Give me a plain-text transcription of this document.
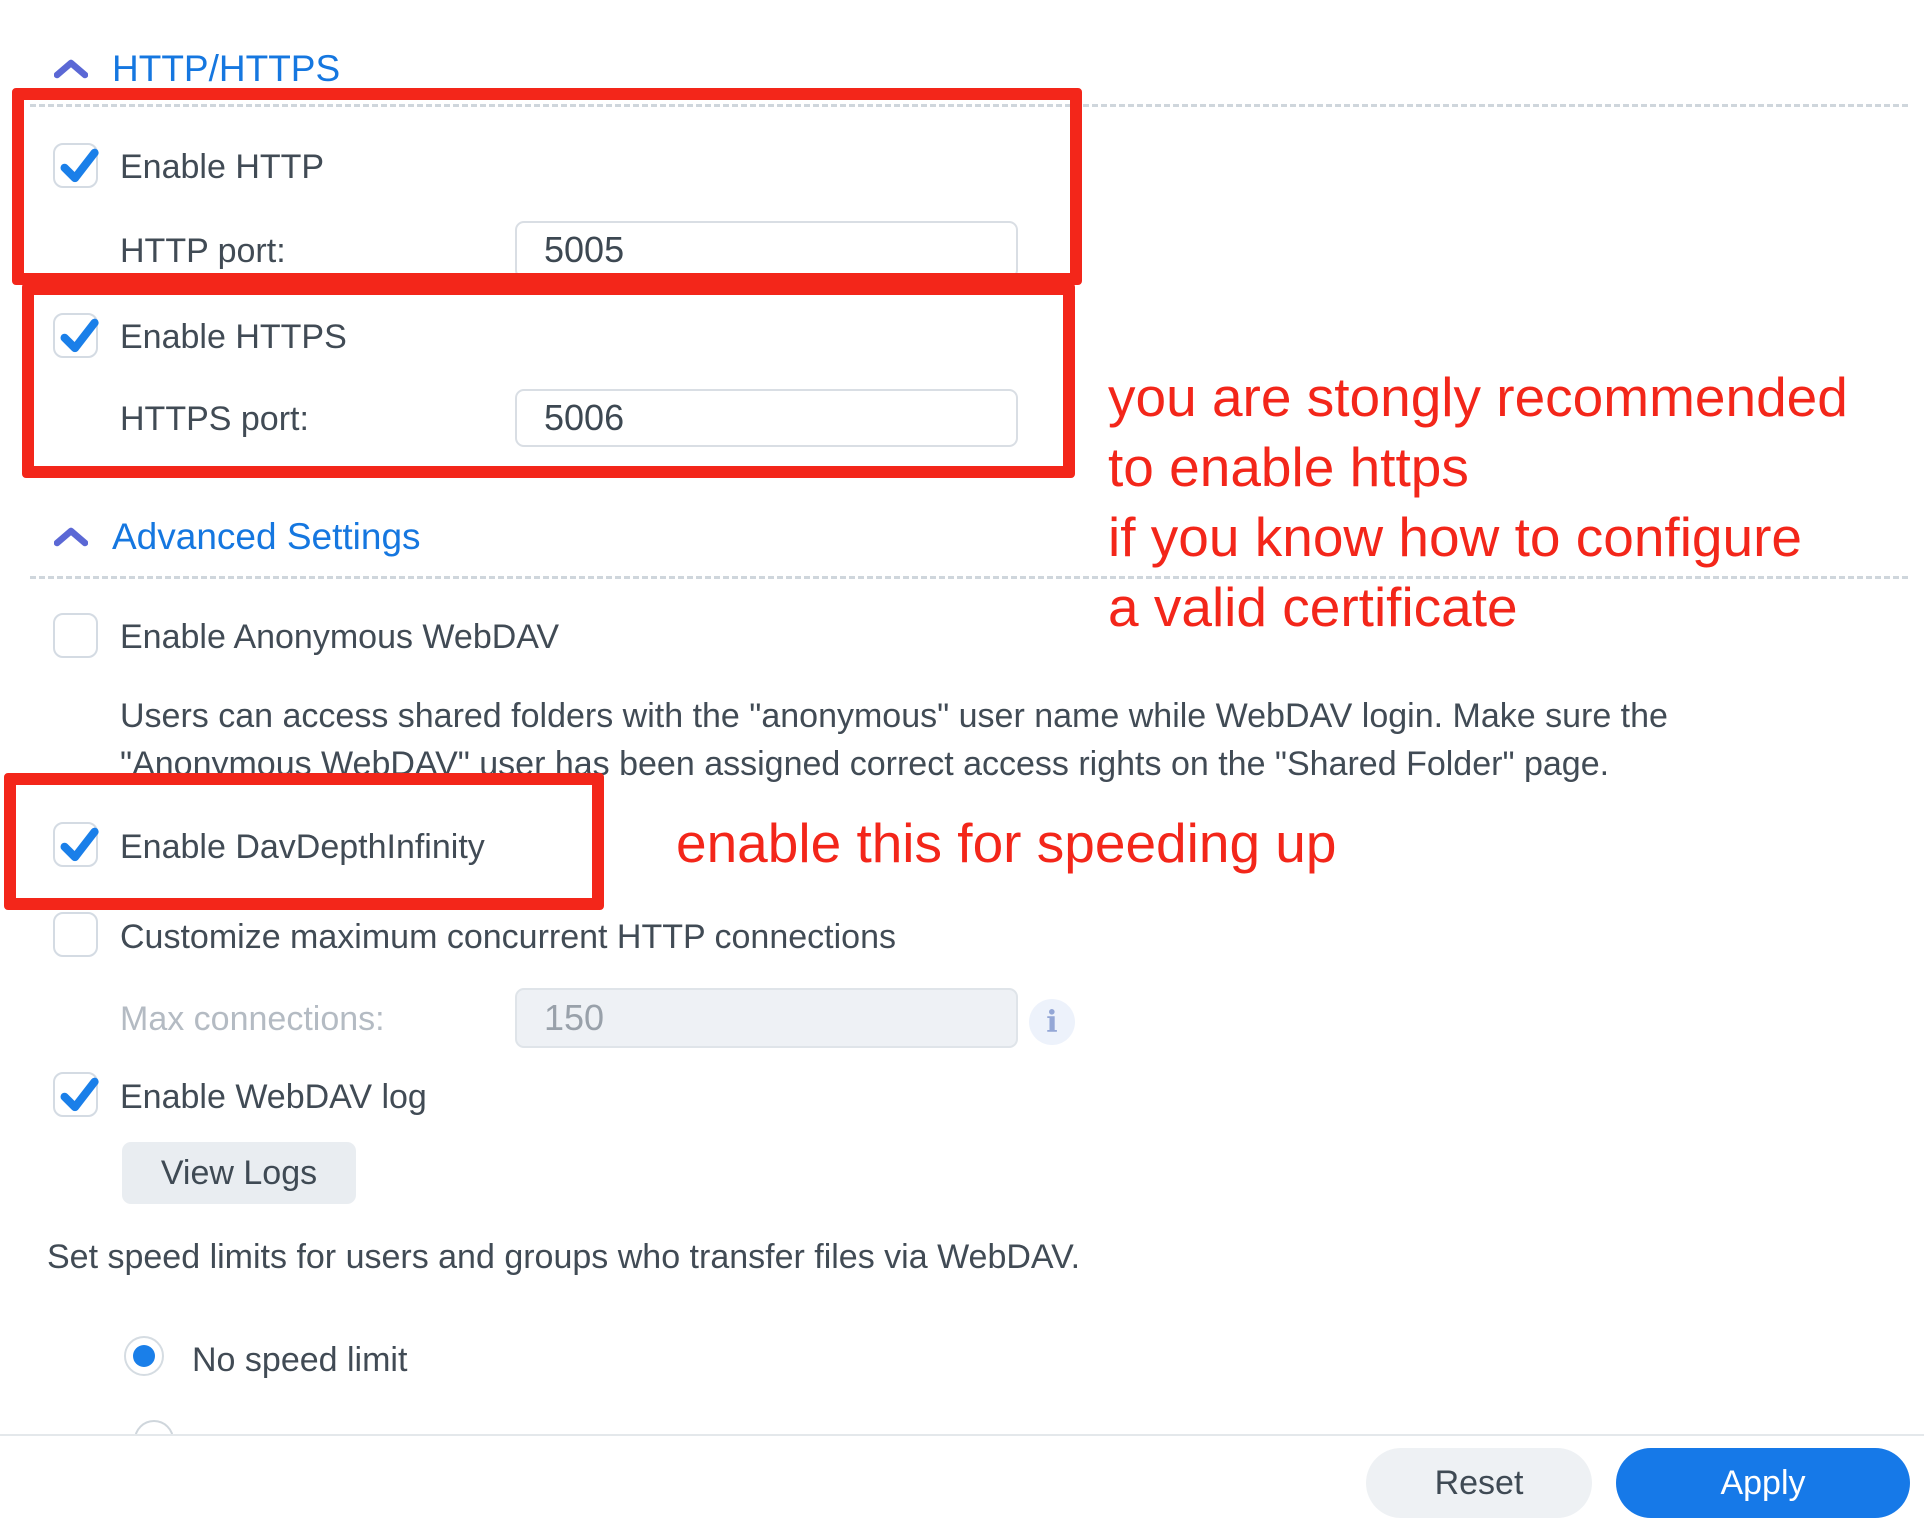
HTTP/HTTPS
Enable HTTP
HTTP port:
5005
Enable HTTPS
HTTPS port:
5006
Advanced Settings
Enable Anonymous WebDAV
Users can access shared folders with the "anonymous" user name while WebDAV login. Make sure the
"Anonymous WebDAV" user has been assigned correct access rights on the "Shared Folder" page.
Enable DavDepthInfinity
Customize maximum concurrent HTTP connections
Max connections:
150	i
Enable WebDAV log
View Logs
Set speed limits for users and groups who transfer files via WebDAV.
No speed limit
Reset	Apply
you are stongly recommended
to enable https
if you know how to configure
a valid certificate
enable this for speeding up
